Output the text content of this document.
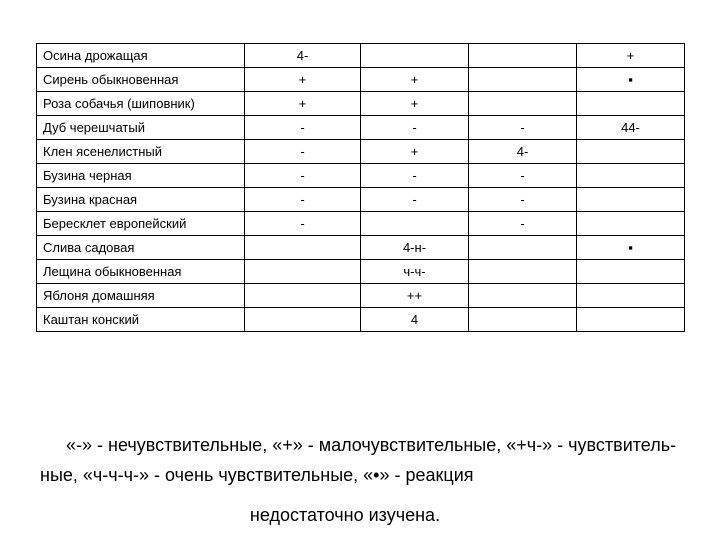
Осина дрожащая	4-			+
Сирень обыкновенная	+	+		▪
Роза собачья (шиповник)	+	+		
Дуб черешчатый	-	-	-	44-
Клен ясенелистный	-	+	4-	
Бузина черная	-	-	-	
Бузина красная	-	-	-	
Бересклет европейский	-		-	
Слива садовая		4-н-		▪
Лещина обыкновенная		ч-ч-		
Яблоня домашняя		++		
Каштан конский		4		

«-» - нечувствительные, «+» - малочувствительные, «+ч-» - чувствитель-ные, «ч-ч-ч-» - очень чувствительные, «•» - реакция

недостаточно изучена.
